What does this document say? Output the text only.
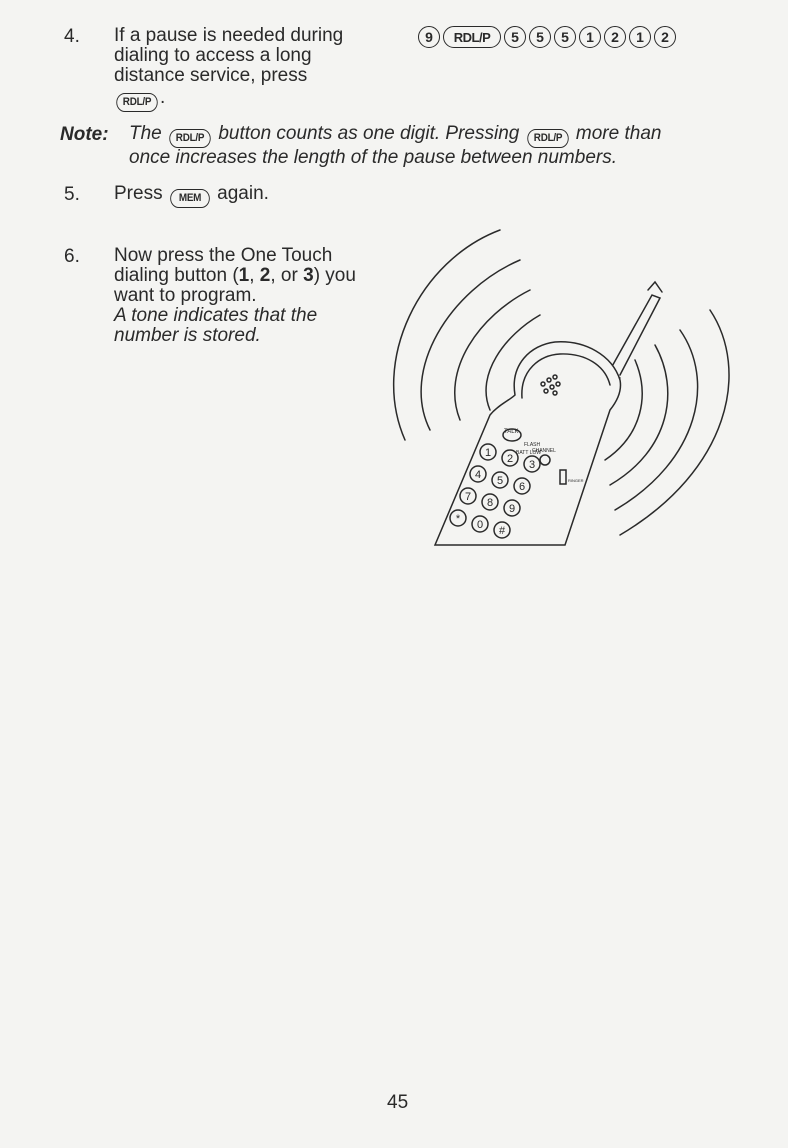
4. If a pause is needed during
dialing to access a long
distance service, press
RDL/P .
9	RDL/P	5	5	5	1	2	1	2
Note: The RDL/P button counts as one digit. Pressing RDL/P more than
once increases the length of the pause between numbers.
5. Press MEM again.
6. Now press the One Touch
dialing button (1, 2, or 3) you
want to program.
A tone indicates that the
number is stored.
TALK
FLASH
CHANNEL
BATT LOW
RINGER
1 2 3
4 5 6
7 8 9
* 0 #
45
